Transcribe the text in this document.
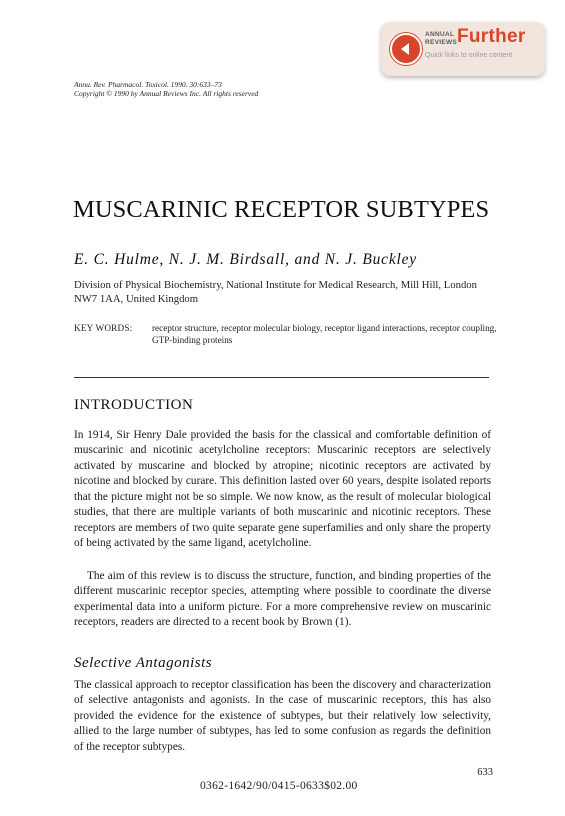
ANNUAL
REVIEWS Further
Quick links to online content
Annu. Rev. Pharmacol. Toxicol. 1990. 30:633–73
Copyright © 1990 by Annual Reviews Inc. All rights reserved
MUSCARINIC RECEPTOR SUBTYPES
E. C. Hulme, N. J. M. Birdsall, and N. J. Buckley
Division of Physical Biochemistry, National Institute for Medical Research, Mill Hill, London NW7 1AA, United Kingdom
KEY WORDS: receptor structure, receptor molecular biology, receptor ligand interactions, receptor coupling, GTP-binding proteins
INTRODUCTION

In 1914, Sir Henry Dale provided the basis for the classical and comfortable definition of muscarinic and nicotinic acetylcholine receptors: Muscarinic receptors are selectively activated by muscarine and blocked by atropine; nicotinic receptors are activated by nicotine and blocked by curare. This definition lasted over 60 years, despite isolated reports that the picture might not be so simple. We now know, as the result of molecular biological studies, that there are multiple variants of both muscarinic and nicotinic receptors. These receptors are members of two quite separate gene superfamilies and only share the property of being activated by the same ligand, acetylcholine.

The aim of this review is to discuss the structure, function, and binding properties of the different muscarinic receptor species, attempting where possible to coordinate the diverse experimental data into a uniform picture. For a more comprehensive review on muscarinic receptors, readers are directed to a recent book by Brown (1).

Selective Antagonists

The classical approach to receptor classification has been the discovery and characterization of selective antagonists and agonists. In the case of muscarinic receptors, this has also provided the evidence for the existence of subtypes, but their relatively low selectivity, allied to the large number of subtypes, has led to some confusion as regards the definition of the receptor subtypes.

633
0362-1642/90/0415-0633$02.00
